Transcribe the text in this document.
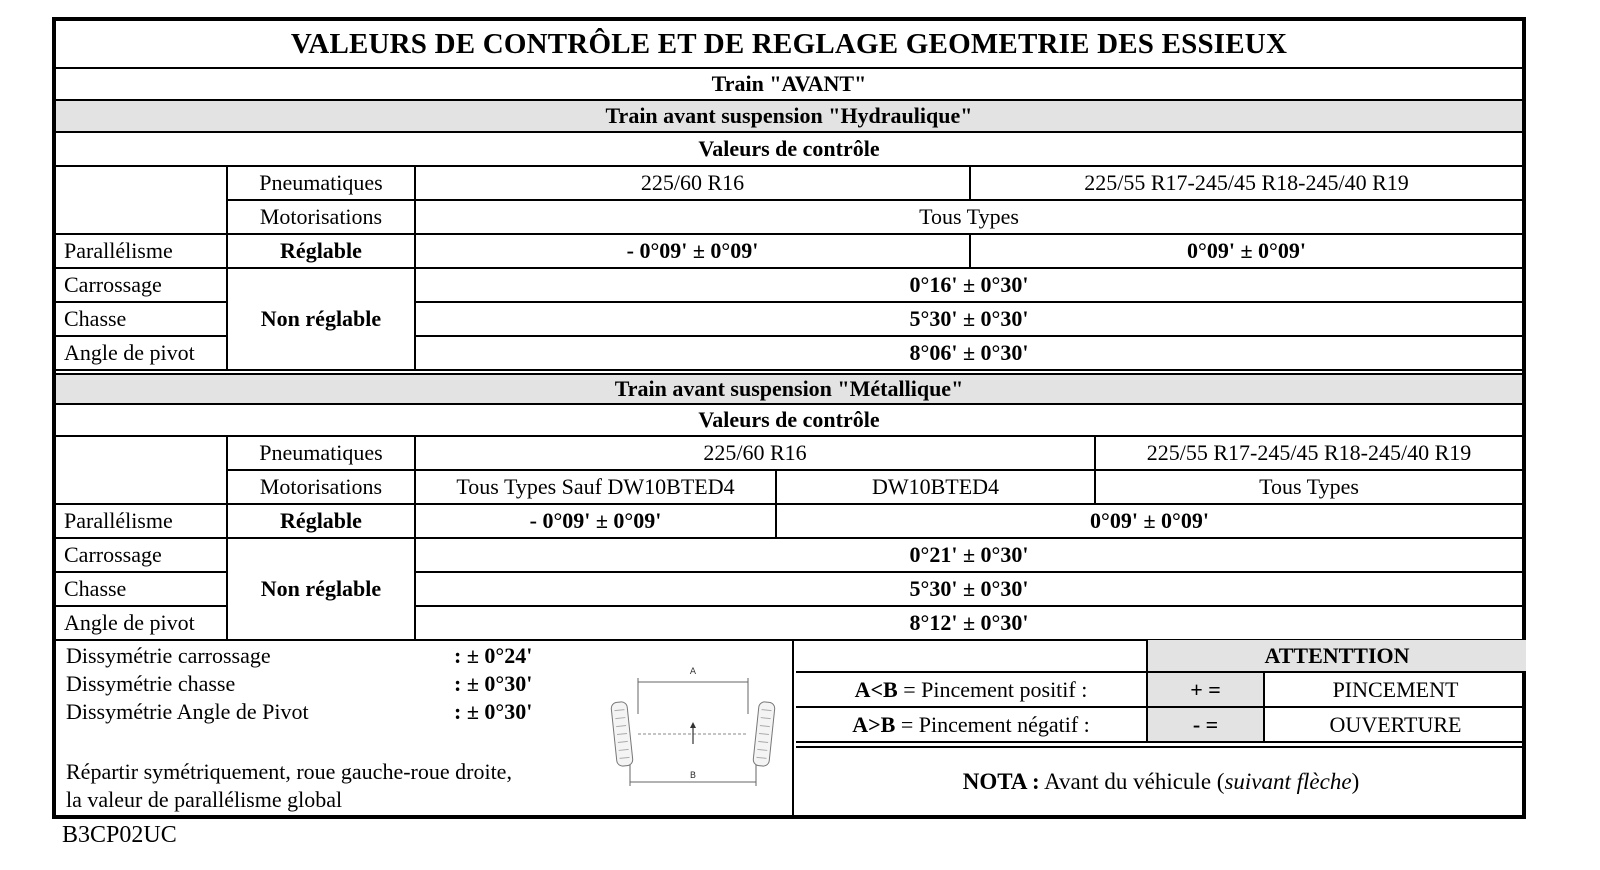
VALEURS DE CONTRÔLE ET DE REGLAGE GEOMETRIE DES ESSIEUX
Train "AVANT"
Train avant suspension "Hydraulique"
Valeurs de contrôle
	Pneumatiques	225/60 R16	225/55 R17-245/45 R18-245/40 R19
	Motorisations	Tous Types	
Parallélisme	Réglable	- 0°09' ± 0°09'	0°09' ± 0°09'
Carrossage	Non réglable	0°16' ± 0°30'	
Chasse		5°30' ± 0°30'	
Angle de pivot		8°06' ± 0°30'	
Train avant suspension "Métallique"
Valeurs de contrôle
	Pneumatiques	225/60 R16		225/55 R17-245/45 R18-245/40 R19
	Motorisations	Tous Types Sauf DW10BTED4	DW10BTED4	Tous Types
Parallélisme	Réglable	- 0°09' ± 0°09'	0°09' ± 0°09'	
Carrossage	Non réglable	0°21' ± 0°30'		
Chasse		5°30' ± 0°30'		
Angle de pivot		8°12' ± 0°30'		
Dissymétrie carrossage	: ± 0°24'
Dissymétrie chasse	: ± 0°30'
Dissymétrie Angle de Pivot	: ± 0°30'
Répartir symétriquement, roue gauche-roue droite,
la valeur de parallélisme global
A
B
	ATTENTTION	
A<B = Pincement positif :	+ =	PINCEMENT
A>B = Pincement négatif :	- =	OUVERTURE
NOTA : Avant du véhicule ( suivant flèche )
B3CP02UC
